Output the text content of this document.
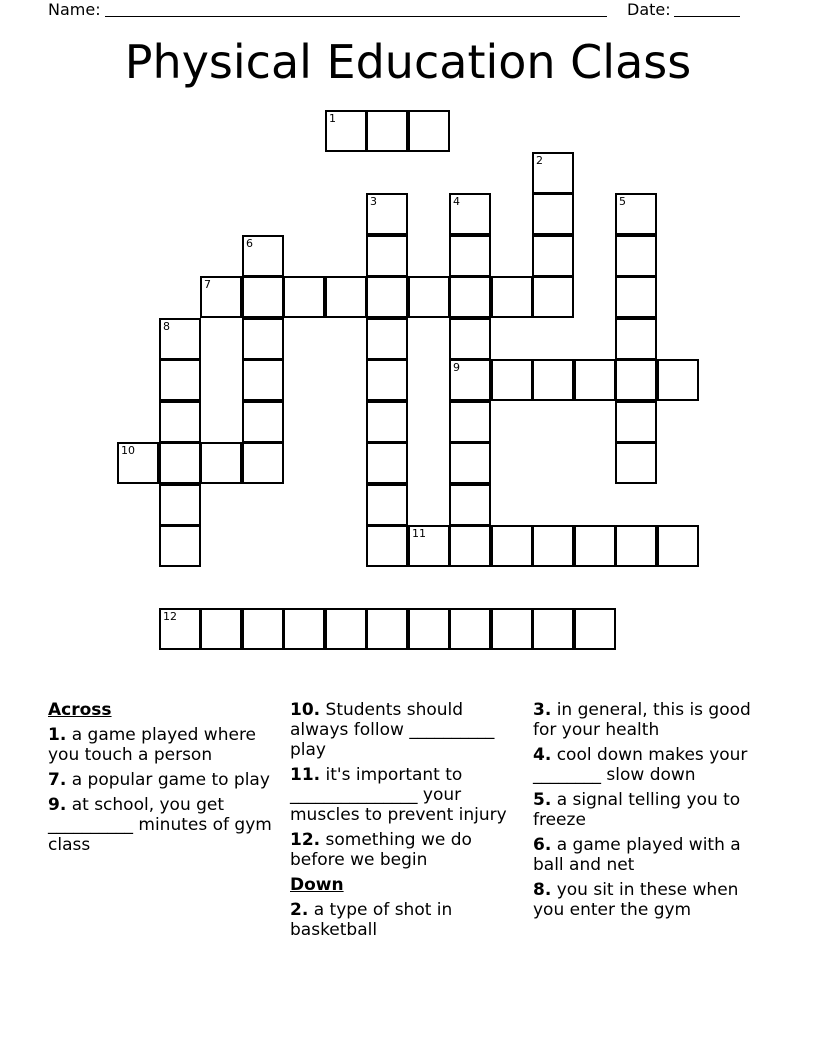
Name:	Date:
Physical Education Class
1
2
3	4
9
5
6
7
8
10
11
12
Across
1. a game played where you touch a person
7. a popular game to play
9. at school, you get __________ minutes of gym class
10. Students should always follow __________ play
11. it's important to _______________ your muscles to prevent injury
12. something we do before we begin
Down
2. a type of shot in basketball
3. in general, this is good for your health
4. cool down makes your ________ slow down
5. a signal telling you to freeze
6. a game played with a ball and net
8. you sit in these when you enter the gym
